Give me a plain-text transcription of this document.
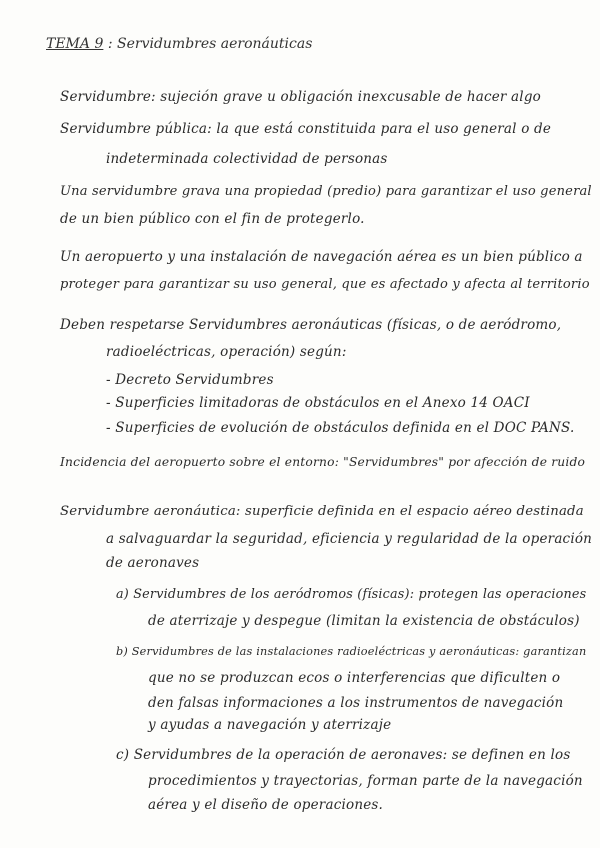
TEMA 9 : Servidumbres aeronáuticas
Servidumbre: sujeción grave u obligación inexcusable de hacer algo
Servidumbre pública: la que está constituida para el uso general o de
indeterminada colectividad de personas
Una servidumbre grava una propiedad (predio) para garantizar el uso general
de un bien público con el fin de protegerlo.
Un aeropuerto y una instalación de navegación aérea es un bien público a
proteger para garantizar su uso general, que es afectado y afecta al territorio
Deben respetarse Servidumbres aeronáuticas (físicas, o de aeródromo,
radioeléctricas, operación) según:
- Decreto Servidumbres
- Superficies limitadoras de obstáculos en el Anexo 14 OACI
- Superficies de evolución de obstáculos definida en el DOC PANS.
Incidencia del aeropuerto sobre el entorno: "Servidumbres" por afección de ruido
Servidumbre aeronáutica: superficie definida en el espacio aéreo destinada
a salvaguardar la seguridad, eficiencia y regularidad de la operación
de aeronaves
a) Servidumbres de los aeródromos (físicas): protegen las operaciones
de aterrizaje y despegue (limitan la existencia de obstáculos)
b) Servidumbres de las instalaciones radioeléctricas y aeronáuticas: garantizan
que no se produzcan ecos o interferencias que dificulten o
den falsas informaciones a los instrumentos de navegación
y ayudas a navegación y aterrizaje
c) Servidumbres de la operación de aeronaves: se definen en los
procedimientos y trayectorias, forman parte de la navegación
aérea y el diseño de operaciones.
